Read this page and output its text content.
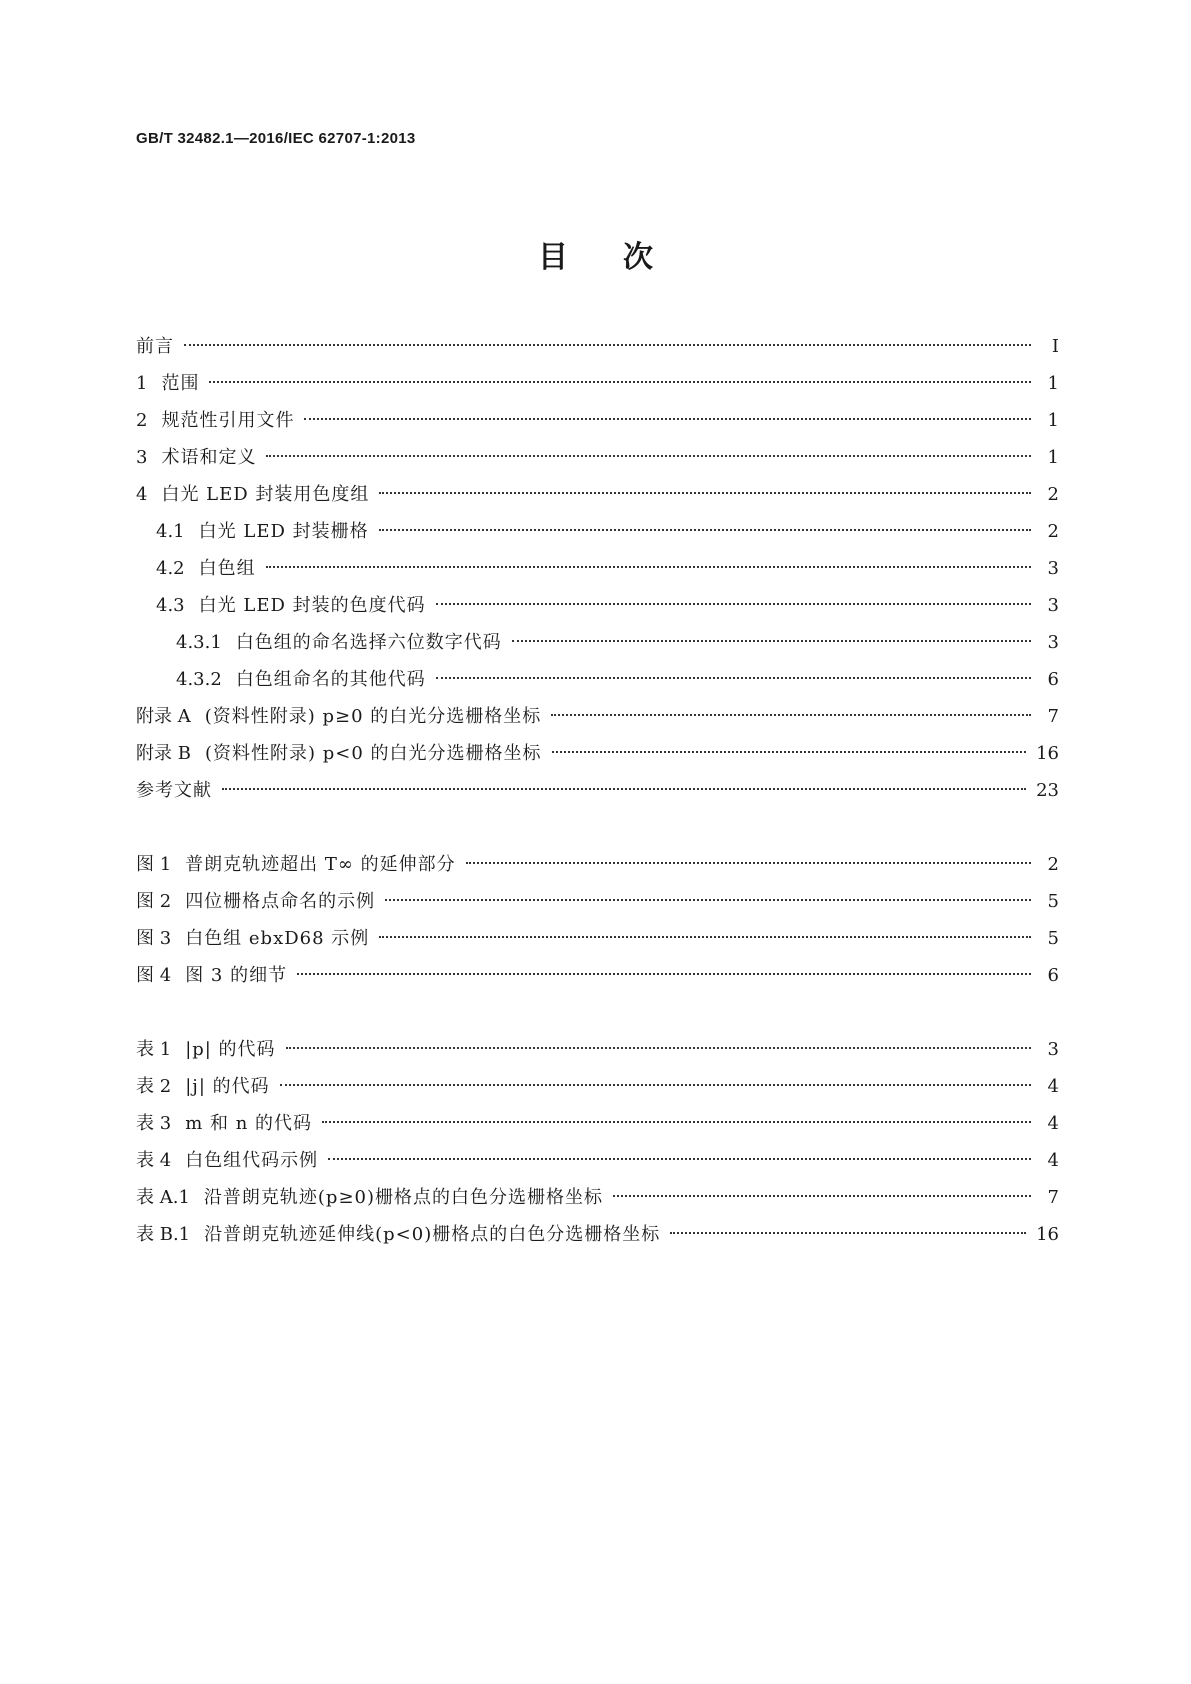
GB/T 32482.1—2016/IEC 62707-1:2013
目次
前言	Ⅰ
1 范围	1
2 规范性引用文件	1
3 术语和定义	1
4 白光 LED 封装用色度组	2
4.1 白光 LED 封装栅格	2
4.2 白色组	3
4.3 白光 LED 封装的色度代码	3
4.3.1 白色组的命名选择六位数字代码	3
4.3.2 白色组命名的其他代码	6
附录 A (资料性附录) p≥0 的白光分选栅格坐标	7
附录 B (资料性附录) p<0 的白光分选栅格坐标	16
参考文献	23
图 1 普朗克轨迹超出 T∞ 的延伸部分	2
图 2 四位栅格点命名的示例	5
图 3 白色组 ebxD68 示例	5
图 4 图 3 的细节	6
表 1 |p| 的代码	3
表 2 |j| 的代码	4
表 3 m 和 n 的代码	4
表 4 白色组代码示例	4
表 A.1 沿普朗克轨迹(p≥0)栅格点的白色分选栅格坐标	7
表 B.1 沿普朗克轨迹延伸线(p<0)栅格点的白色分选栅格坐标	16
